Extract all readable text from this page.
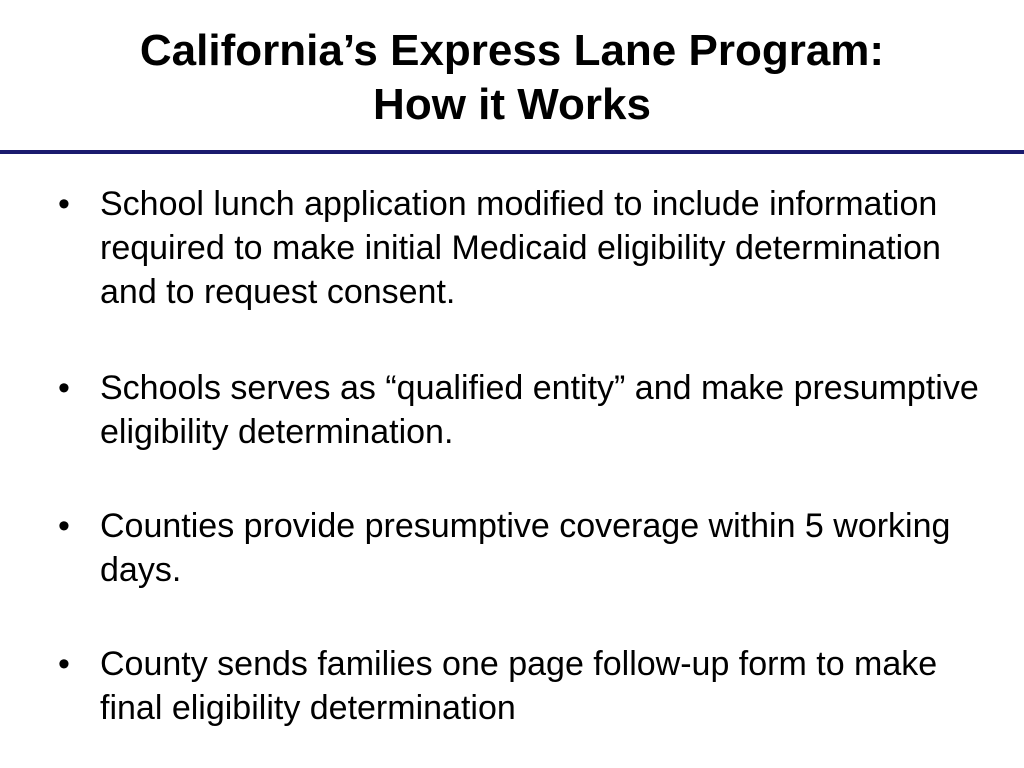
California’s Express Lane Program:
How it Works
• School lunch application modified to include information required to make initial Medicaid eligibility determination and to request consent.
• Schools serves as “qualified entity” and make presumptive eligibility determination.
• Counties provide presumptive coverage within 5 working days.
• County sends families one page follow-up form to make final eligibility determination
